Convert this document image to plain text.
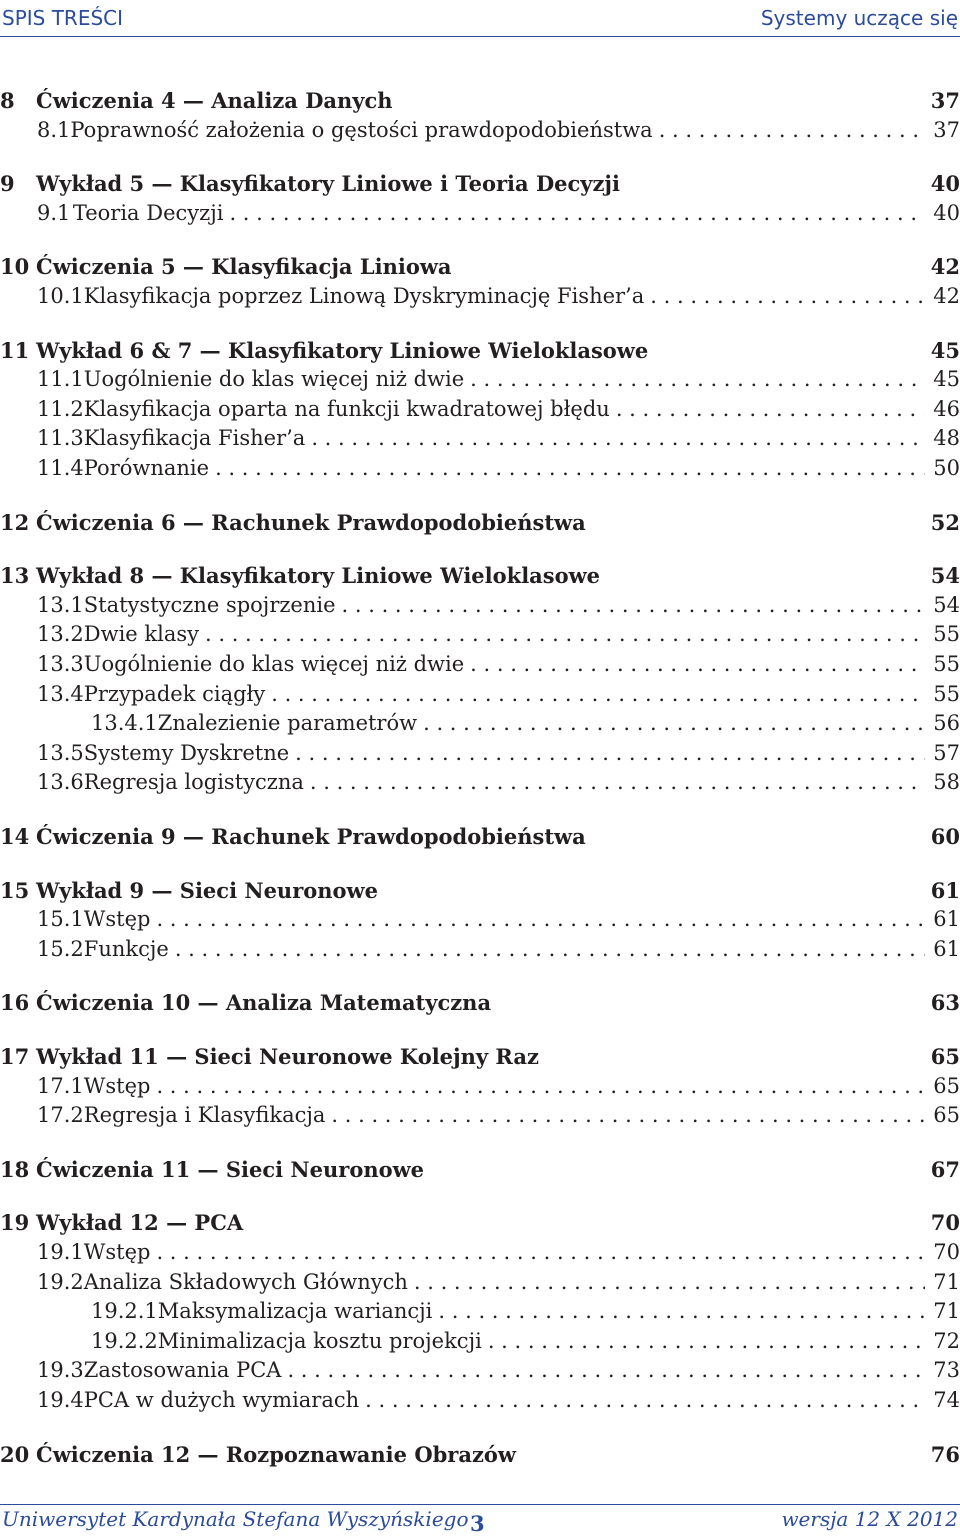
SPIS TREŚCI	Systemy uczące się
8	Ćwiczenia 4 — Analiza Danych	37
8.1 Poprawność założenia o gęstości prawdopodobieństwa . . .	37
9	Wykład 5 — Klasyfikatory Liniowe i Teoria Decyzji	40
9.1 Teoria Decyzji . . .	40
10 Ćwiczenia 5 — Klasyfikacja Liniowa	42
10.1 Klasyfikacja poprzez Linową Dyskryminację Fisher’a . . .	42
11 Wykład 6 & 7 — Klasyfikatory Liniowe Wieloklasowe	45
11.1 Uogólnienie do klas więcej niż dwie . . .	45
11.2 Klasyfikacja oparta na funkcji kwadratowej błędu . . .	46
11.3 Klasyfikacja Fisher’a . . .	48
11.4 Porównanie . . .	50
12 Ćwiczenia 6 — Rachunek Prawdopodobieństwa	52
13 Wykład 8 — Klasyfikatory Liniowe Wieloklasowe	54
13.1 Statystyczne spojrzenie . . .	54
13.2 Dwie klasy . . .	55
13.3 Uogólnienie do klas więcej niż dwie . . .	55
13.4 Przypadek ciągły . . .	55
13.4.1 Znalezienie parametrów . . .	56
13.5 Systemy Dyskretne . . .	57
13.6 Regresja logistyczna . . .	58
14 Ćwiczenia 9 — Rachunek Prawdopodobieństwa	60
15 Wykład 9 — Sieci Neuronowe	61
15.1 Wstęp . . .	61
15.2 Funkcje . . .	61
16 Ćwiczenia 10 — Analiza Matematyczna	63
17 Wykład 11 — Sieci Neuronowe Kolejny Raz	65
17.1 Wstęp . . .	65
17.2 Regresja i Klasyfikacja . . .	65
18 Ćwiczenia 11 — Sieci Neuronowe	67
19 Wykład 12 — PCA	70
19.1 Wstęp . . .	70
19.2 Analiza Składowych Głównych . . .	71
19.2.1 Maksymalizacja wariancji . . .	71
19.2.2 Minimalizacja kosztu projekcji . . .	72
19.3 Zastosowania PCA . . .	73
19.4 PCA w dużych wymiarach . . .	74
20 Ćwiczenia 12 — Rozpoznawanie Obrazów	76
Uniwersytet Kardynała Stefana Wyszyńskiego 3	wersja 12 X 2012
